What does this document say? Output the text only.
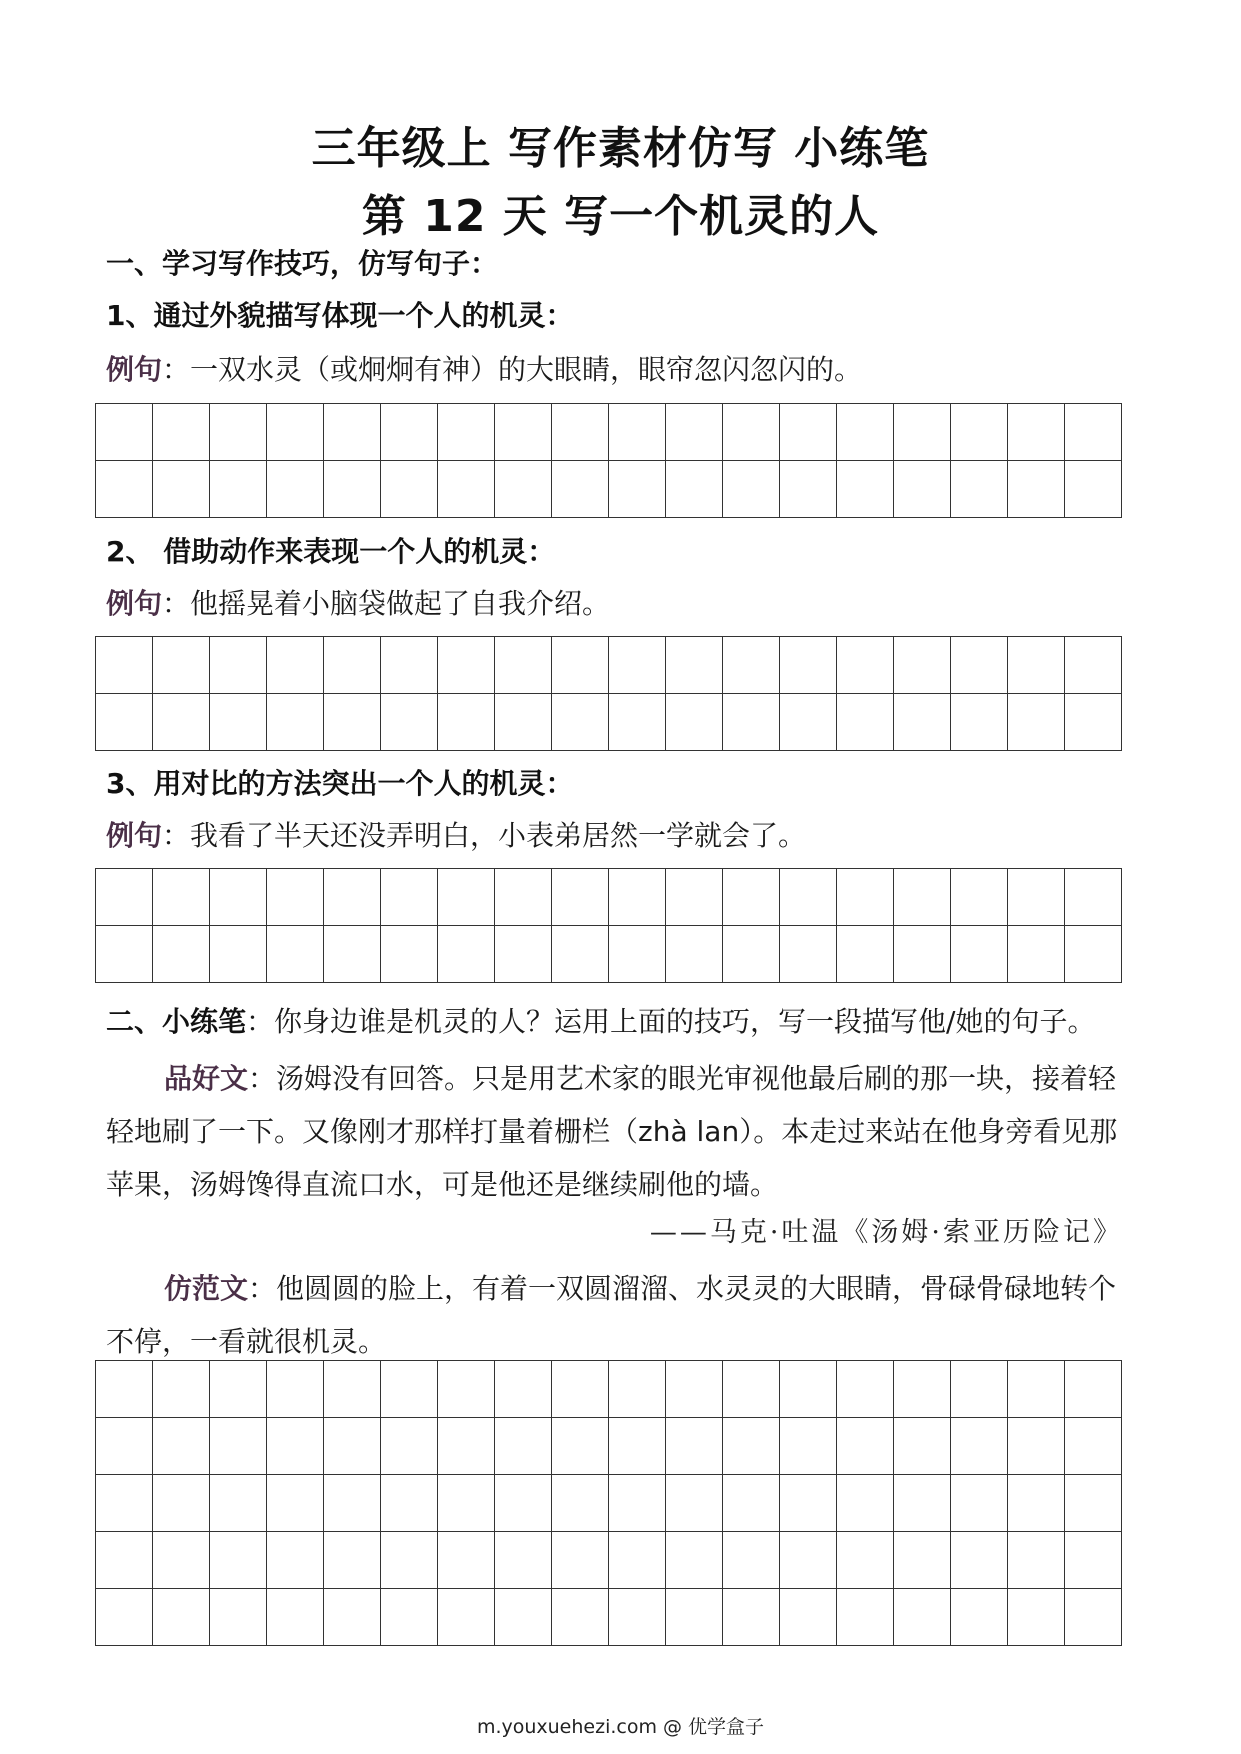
三年级上 写作素材仿写 小练笔
第 12 天 写一个机灵的人

一、学习写作技巧，仿写句子：

1、通过外貌描写体现一个人的机灵：

例句：一双水灵（或炯炯有神）的大眼睛，眼帘忽闪忽闪的。

2、 借助动作来表现一个人的机灵：

例句：他摇晃着小脑袋做起了自我介绍。

3、用对比的方法突出一个人的机灵：

例句：我看了半天还没弄明白，小表弟居然一学就会了。

二、小练笔：你身边谁是机灵的人？运用上面的技巧，写一段描写他/她的句子。

品好文：汤姆没有回答。只是用艺术家的眼光审视他最后刷的那一块，接着轻轻地刷了一下。又像刚才那样打量着栅栏（zhà lan）。本走过来站在他身旁看见那苹果，汤姆馋得直流口水，可是他还是继续刷他的墙。

——马克·吐温《汤姆·索亚历险记》

仿范文：他圆圆的脸上，有着一双圆溜溜、水灵灵的大眼睛，骨碌骨碌地转个不停，一看就很机灵。

m.youxuehezi.com @ 优学盒子
